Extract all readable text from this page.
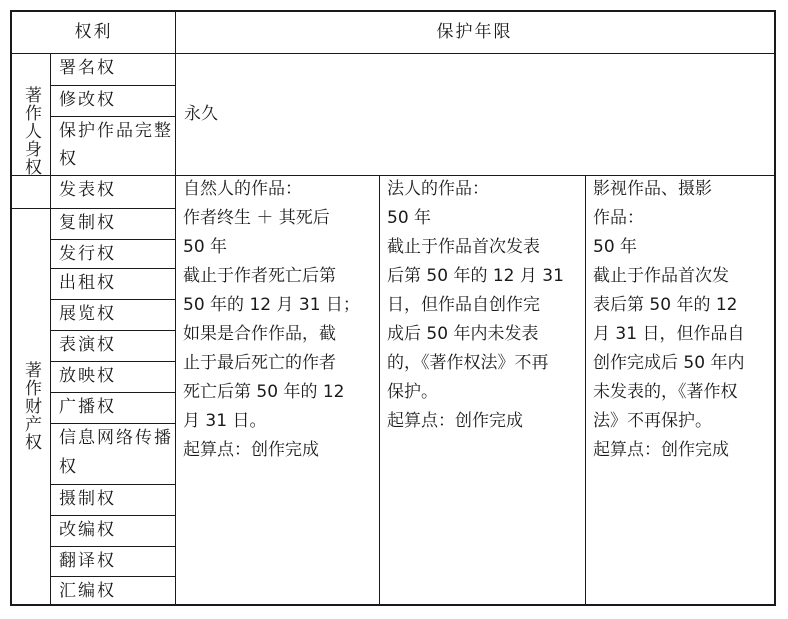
权利	保护年限
著作人身权
署名权
修改权
保护作品完整权
发表权
永久
著作财产权
复制权
发行权
出租权
展览权
表演权
放映权
广播权
信息网络传播权
摄制权
改编权
翻译权
汇编权
自然人的作品：
作者终生 ＋ 其死后
50 年
截止于作者死亡后第
50 年的 12 月 31 日；
如果是合作作品，截
止于最后死亡的作者
死亡后第 50 年的 12
月 31 日。
起算点：创作完成
法人的作品：
50 年
截止于作品首次发表
后第 50 年的 12 月 31
日，但作品自创作完
成后 50 年内未发表
的，《著作权法》不再
保护。
起算点：创作完成
影视作品、摄影
作品：
50 年
截止于作品首次发
表后第 50 年的 12
月 31 日，但作品自
创作完成后 50 年内
未发表的，《著作权
法》不再保护。
起算点：创作完成
